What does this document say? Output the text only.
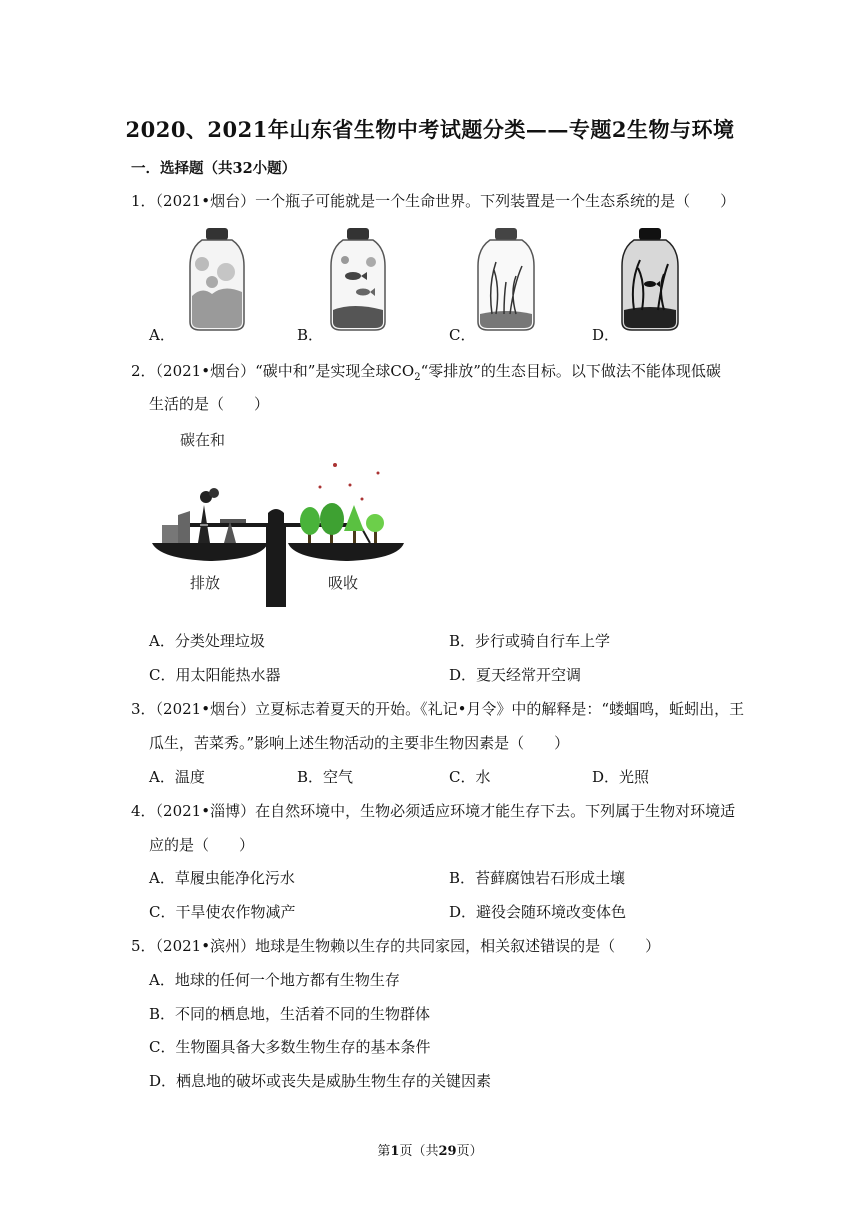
2020、2021年山东省生物中考试题分类——专题2生物与环境
一．选择题（共32小题）
1．（2021•烟台）一个瓶子可能就是一个生命世界。下列装置是一个生态系统的是（　　）
A．	B．	C．	D．
2．（2021•烟台）“碳中和”是实现全球$CO_2“$零排放”的生态目标。以下做法不能体现低碳
生活的是（　　）
碳在和
排放	吸收
A．分类处理垃圾	B．步行或骑自行车上学
C．用太阳能热水器	D．夏天经常开空调
3．（2021•烟台）立夏标志着夏天的开始。《礼记•月令》中的解释是：“蝼蝈鸣，蚯蚓出，王
瓜生，苦菜秀。”影响上述生物活动的主要非生物因素是（　　）
A．温度	B．空气	C．水	D．光照
4．（2021•淄博）在自然环境中，生物必须适应环境才能生存下去。下列属于生物对环境适
应的是（　　）
A．草履虫能净化污水	B．苔藓腐蚀岩石形成土壤
C．干旱使农作物减产	D．避役会随环境改变体色
5．（2021•滨州）地球是生物赖以生存的共同家园，相关叙述错误的是（　　）
A．地球的任何一个地方都有生物生存
B．不同的栖息地，生活着不同的生物群体
C．生物圈具备大多数生物生存的基本条件
D．栖息地的破坏或丧失是威胁生物生存的关键因素
第1页（共29页）
